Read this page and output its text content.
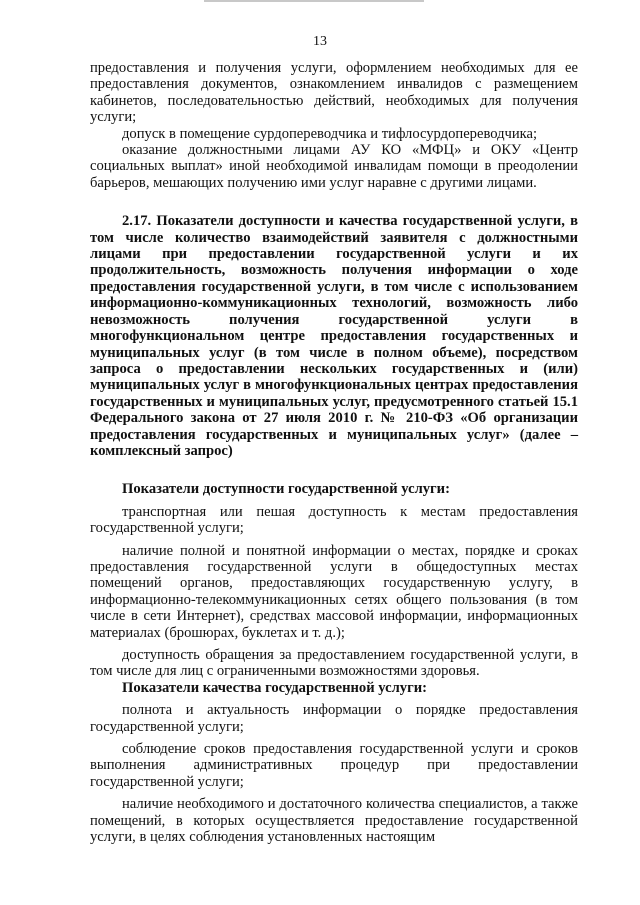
13

предоставления и получения услуги, оформлением необходимых для ее предоставления документов, ознакомлением инвалидов с размещением кабинетов, последовательностью действий, необходимых для получения услуги;

допуск в помещение сурдопереводчика и тифлосурдопереводчика;

оказание должностными лицами АУ КО «МФЦ» и ОКУ «Центр социальных выплат» иной необходимой инвалидам помощи в преодолении барьеров, мешающих получению ими услуг наравне с другими лицами.

2.17. Показатели доступности и качества государственной услуги, в том числе количество взаимодействий заявителя с должностными лицами при предоставлении государственной услуги и их продолжительность, возможность получения информации о ходе предоставления государственной услуги, в том числе с использованием информационно-коммуникационных технологий, возможность либо невозможность получения государственной услуги в многофункциональном центре предоставления государственных и муниципальных услуг (в том числе в полном объеме), посредством запроса о предоставлении нескольких государственных и (или) муниципальных услуг в многофункциональных центрах предоставления государственных и муниципальных услуг, предусмотренного статьей 15.1 Федерального закона от 27 июля 2010 г. № 210-ФЗ «Об организации предоставления государственных и муниципальных услуг» (далее – комплексный запрос)

Показатели доступности государственной услуги:

транспортная или пешая доступность к местам предоставления государственной услуги;

наличие полной и понятной информации о местах, порядке и сроках предоставления государственной услуги в общедоступных местах помещений органов, предоставляющих государственную услугу, в информационно-телекоммуникационных сетях общего пользования (в том числе в сети Интернет), средствах массовой информации, информационных материалах (брошюрах, буклетах и т. д.);

доступность обращения за предоставлением государственной услуги, в том числе для лиц с ограниченными возможностями здоровья.

Показатели качества государственной услуги:

полнота и актуальность информации о порядке предоставления государственной услуги;

соблюдение сроков предоставления государственной услуги и сроков выполнения административных процедур при предоставлении государственной услуги;

наличие необходимого и достаточного количества специалистов, а также помещений, в которых осуществляется предоставление государственной услуги, в целях соблюдения установленных настоящим
